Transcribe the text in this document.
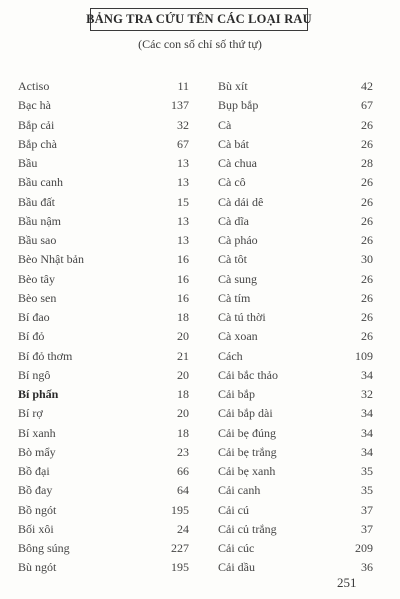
BẢNG TRA CỨU TÊN CÁC LOẠI RAU
(Các con số chỉ số thứ tự)
Actiso	11
Bạc hà	137
Bắp cải	32
Bắp chà	67
Bầu	13
Bầu canh	13
Bầu đất	15
Bầu nậm	13
Bầu sao	13
Bèo Nhật bản	16
Bèo tây	16
Bèo sen	16
Bí đao	18
Bí đỏ	20
Bí đỏ thơm	21
Bí ngô	20
Bí phấn	18
Bí rợ	20
Bí xanh	18
Bò mẩy	23
Bồ đại	66
Bồ đay	64
Bồ ngót	195
Bối xôi	24
Bông súng	227
Bù ngót	195
Bù xít	42
Bụp bắp	67
Cà	26
Cà bát	26
Cà chua	28
Cà cô	26
Cà dái dê	26
Cà dĩa	26
Cà pháo	26
Cà tôt	30
Cà sung	26
Cà tím	26
Cà tú thời	26
Cà xoan	26
Cách	109
Cải bắc thảo	34
Cải bắp	32
Cải bắp dài	34
Cải bẹ đúng	34
Cải bẹ trắng	34
Cải bẹ xanh	35
Cải canh	35
Cải cú	37
Cải củ trắng	37
Cải cúc	209
Cải dầu	36
251
